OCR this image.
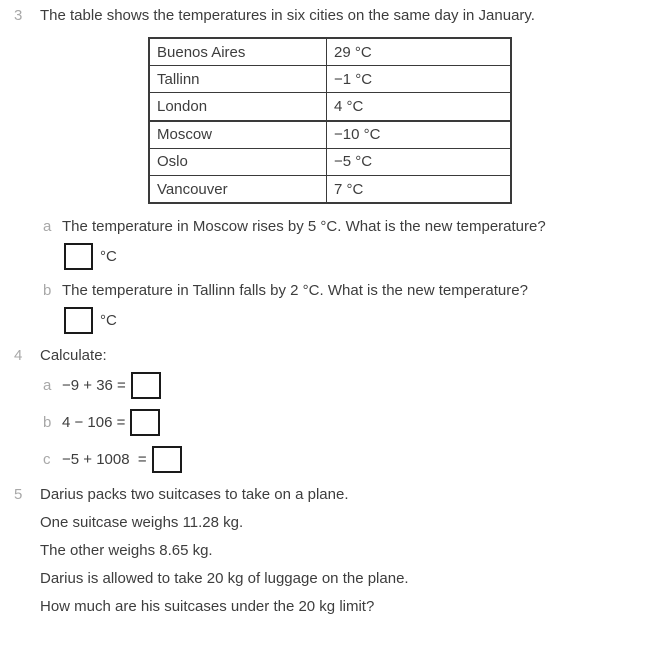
3	The table shows the temperatures in six cities on the same day in January.
Buenos Aires	29 °C
Tallinn	−1 °C
London	4 °C
Moscow	−10 °C
Oslo	−5 °C
Vancouver	7 °C
a The temperature in Moscow rises by 5 °C. What is the new temperature?
°C
b The temperature in Tallinn falls by 2 °C. What is the new temperature?
°C
4	Calculate:
a −9 + 36 =
b 4 − 106 =
c −5 + 1008  =
5	Darius packs two suitcases to take on a plane.
One suitcase weighs 11.28 kg.
The other weighs 8.65 kg.
Darius is allowed to take 20 kg of luggage on the plane.
How much are his suitcases under the 20 kg limit?
